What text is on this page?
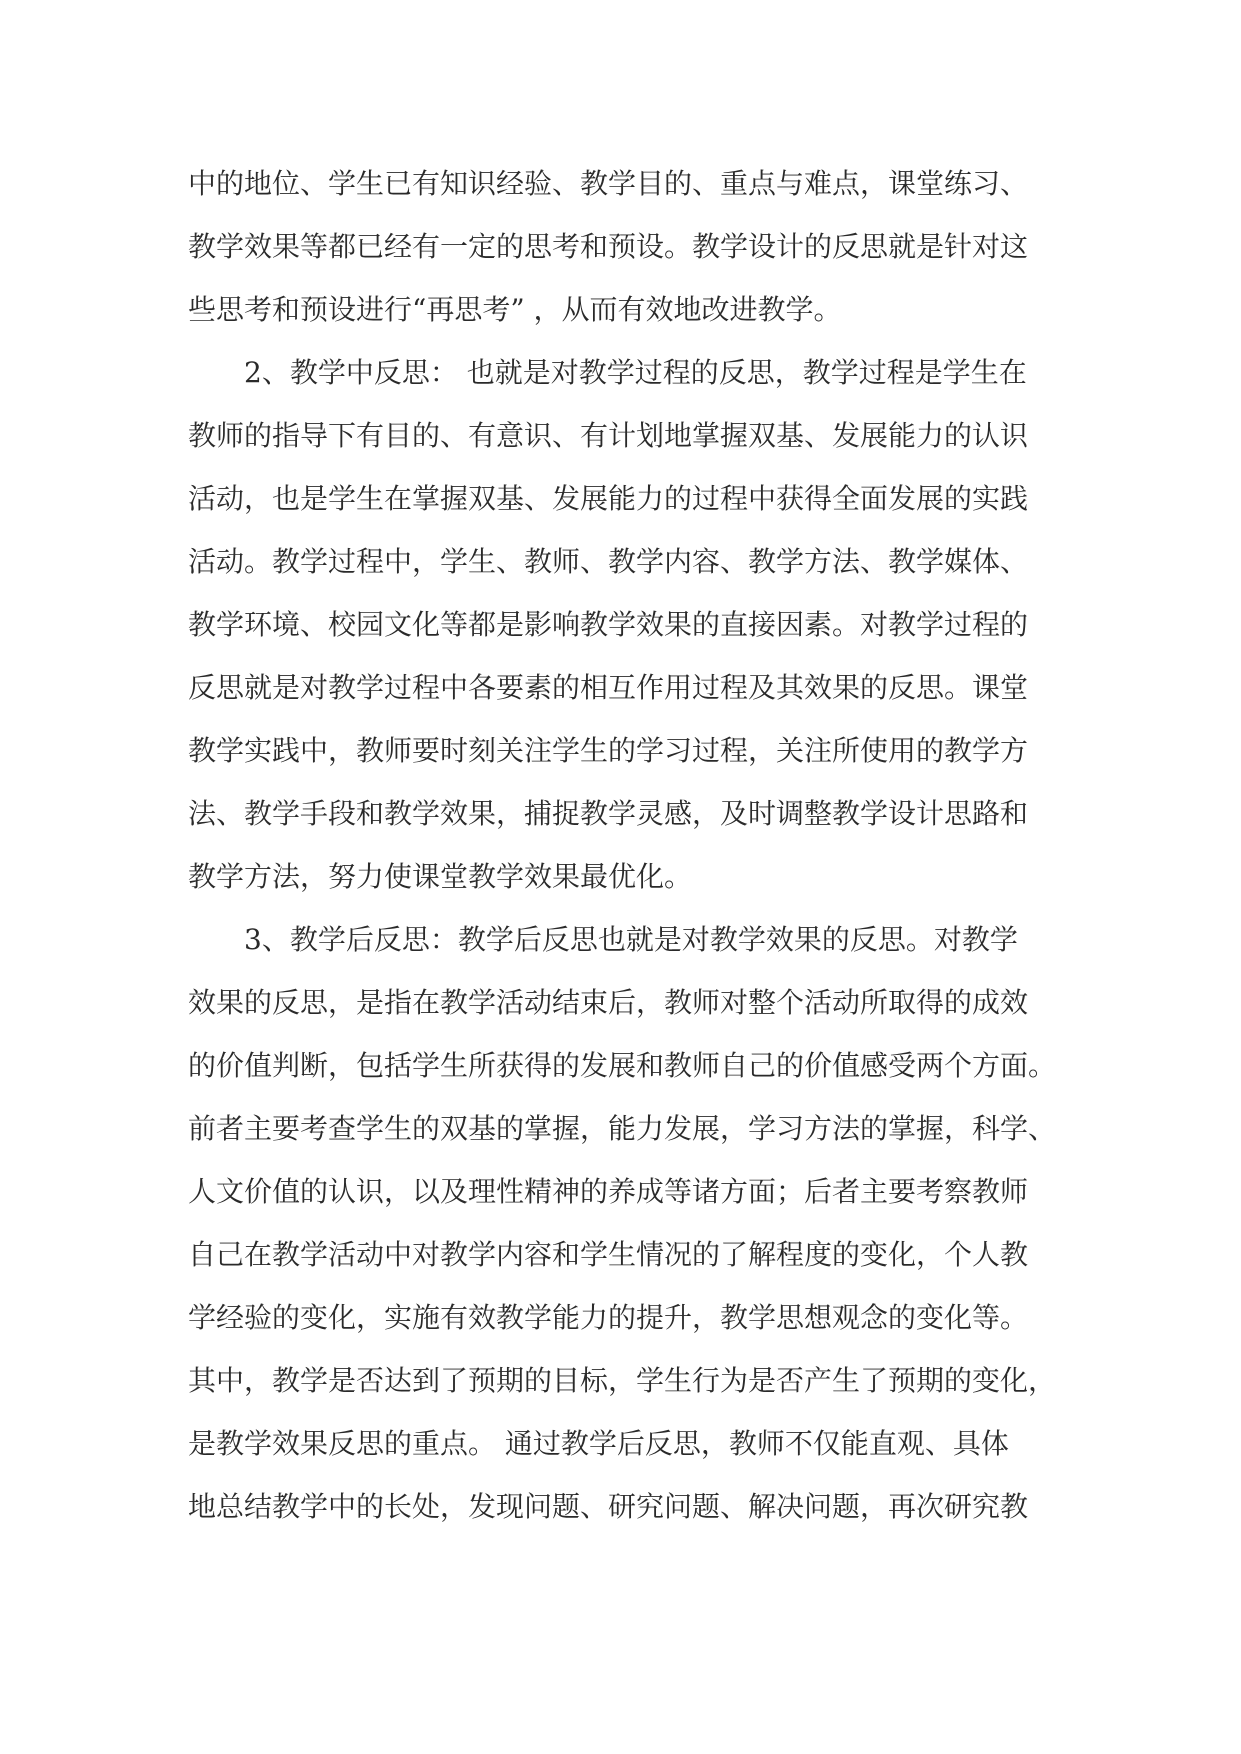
中的地位、学生已有知识经验、教学目的、重点与难点，课堂练习、
教学效果等都已经有一定的思考和预设。教学设计的反思就是针对这
些思考和预设进行“再思考” ，从而有效地改进教学。
2、教学中反思： 也就是对教学过程的反思，教学过程是学生在
教师的指导下有目的、有意识、有计划地掌握双基、发展能力的认识
活动，也是学生在掌握双基、发展能力的过程中获得全面发展的实践
活动。教学过程中，学生、教师、教学内容、教学方法、教学媒体、
教学环境、校园文化等都是影响教学效果的直接因素。对教学过程的
反思就是对教学过程中各要素的相互作用过程及其效果的反思。课堂
教学实践中，教师要时刻关注学生的学习过程，关注所使用的教学方
法、教学手段和教学效果，捕捉教学灵感，及时调整教学设计思路和
教学方法，努力使课堂教学效果最优化。
3、教学后反思：教学后反思也就是对教学效果的反思。对教学
效果的反思，是指在教学活动结束后，教师对整个活动所取得的成效
的价值判断，包括学生所获得的发展和教师自己的价值感受两个方面。
前者主要考查学生的双基的掌握，能力发展，学习方法的掌握，科学、
人文价值的认识，以及理性精神的养成等诸方面；后者主要考察教师
自己在教学活动中对教学内容和学生情况的了解程度的变化，个人教
学经验的变化，实施有效教学能力的提升，教学思想观念的变化等。
其中，教学是否达到了预期的目标，学生行为是否产生了预期的变化，
是教学效果反思的重点。 通过教学后反思，教师不仅能直观、具体
地总结教学中的长处，发现问题、研究问题、解决问题，再次研究教
